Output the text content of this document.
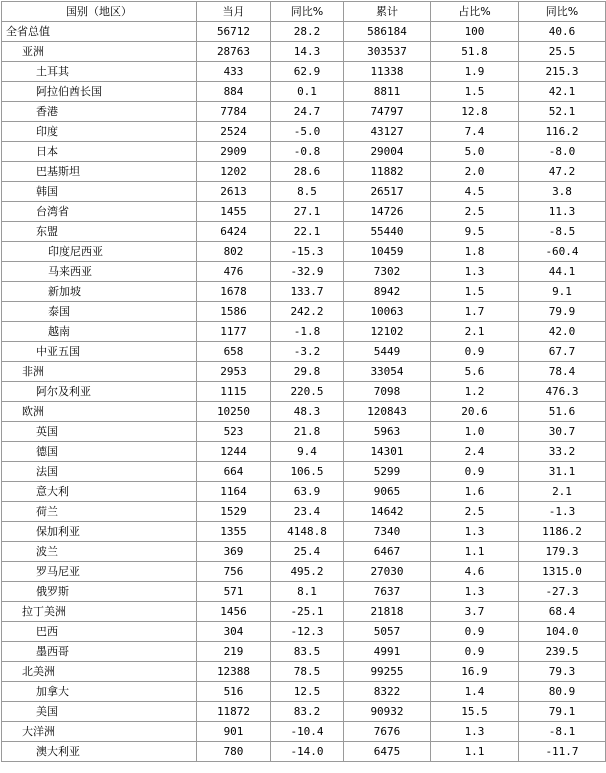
国别（地区）	当月	同比%	累计	占比%	同比%
全省总值	56712	28.2	586184	100	40.6
亚洲	28763	14.3	303537	51.8	25.5
土耳其	433	62.9	11338	1.9	215.3
阿拉伯酋长国	884	0.1	8811	1.5	42.1
香港	7784	24.7	74797	12.8	52.1
印度	2524	-5.0	43127	7.4	116.2
日本	2909	-0.8	29004	5.0	-8.0
巴基斯坦	1202	28.6	11882	2.0	47.2
韩国	2613	8.5	26517	4.5	3.8
台湾省	1455	27.1	14726	2.5	11.3
东盟	6424	22.1	55440	9.5	-8.5
印度尼西亚	802	-15.3	10459	1.8	-60.4
马来西亚	476	-32.9	7302	1.3	44.1
新加坡	1678	133.7	8942	1.5	9.1
泰国	1586	242.2	10063	1.7	79.9
越南	1177	-1.8	12102	2.1	42.0
中亚五国	658	-3.2	5449	0.9	67.7
非洲	2953	29.8	33054	5.6	78.4
阿尔及利亚	1115	220.5	7098	1.2	476.3
欧洲	10250	48.3	120843	20.6	51.6
英国	523	21.8	5963	1.0	30.7
德国	1244	9.4	14301	2.4	33.2
法国	664	106.5	5299	0.9	31.1
意大利	1164	63.9	9065	1.6	2.1
荷兰	1529	23.4	14642	2.5	-1.3
保加利亚	1355	4148.8	7340	1.3	1186.2
波兰	369	25.4	6467	1.1	179.3
罗马尼亚	756	495.2	27030	4.6	1315.0
俄罗斯	571	8.1	7637	1.3	-27.3
拉丁美洲	1456	-25.1	21818	3.7	68.4
巴西	304	-12.3	5057	0.9	104.0
墨西哥	219	83.5	4991	0.9	239.5
北美洲	12388	78.5	99255	16.9	79.3
加拿大	516	12.5	8322	1.4	80.9
美国	11872	83.2	90932	15.5	79.1
大洋洲	901	-10.4	7676	1.3	-8.1
澳大利亚	780	-14.0	6475	1.1	-11.7
